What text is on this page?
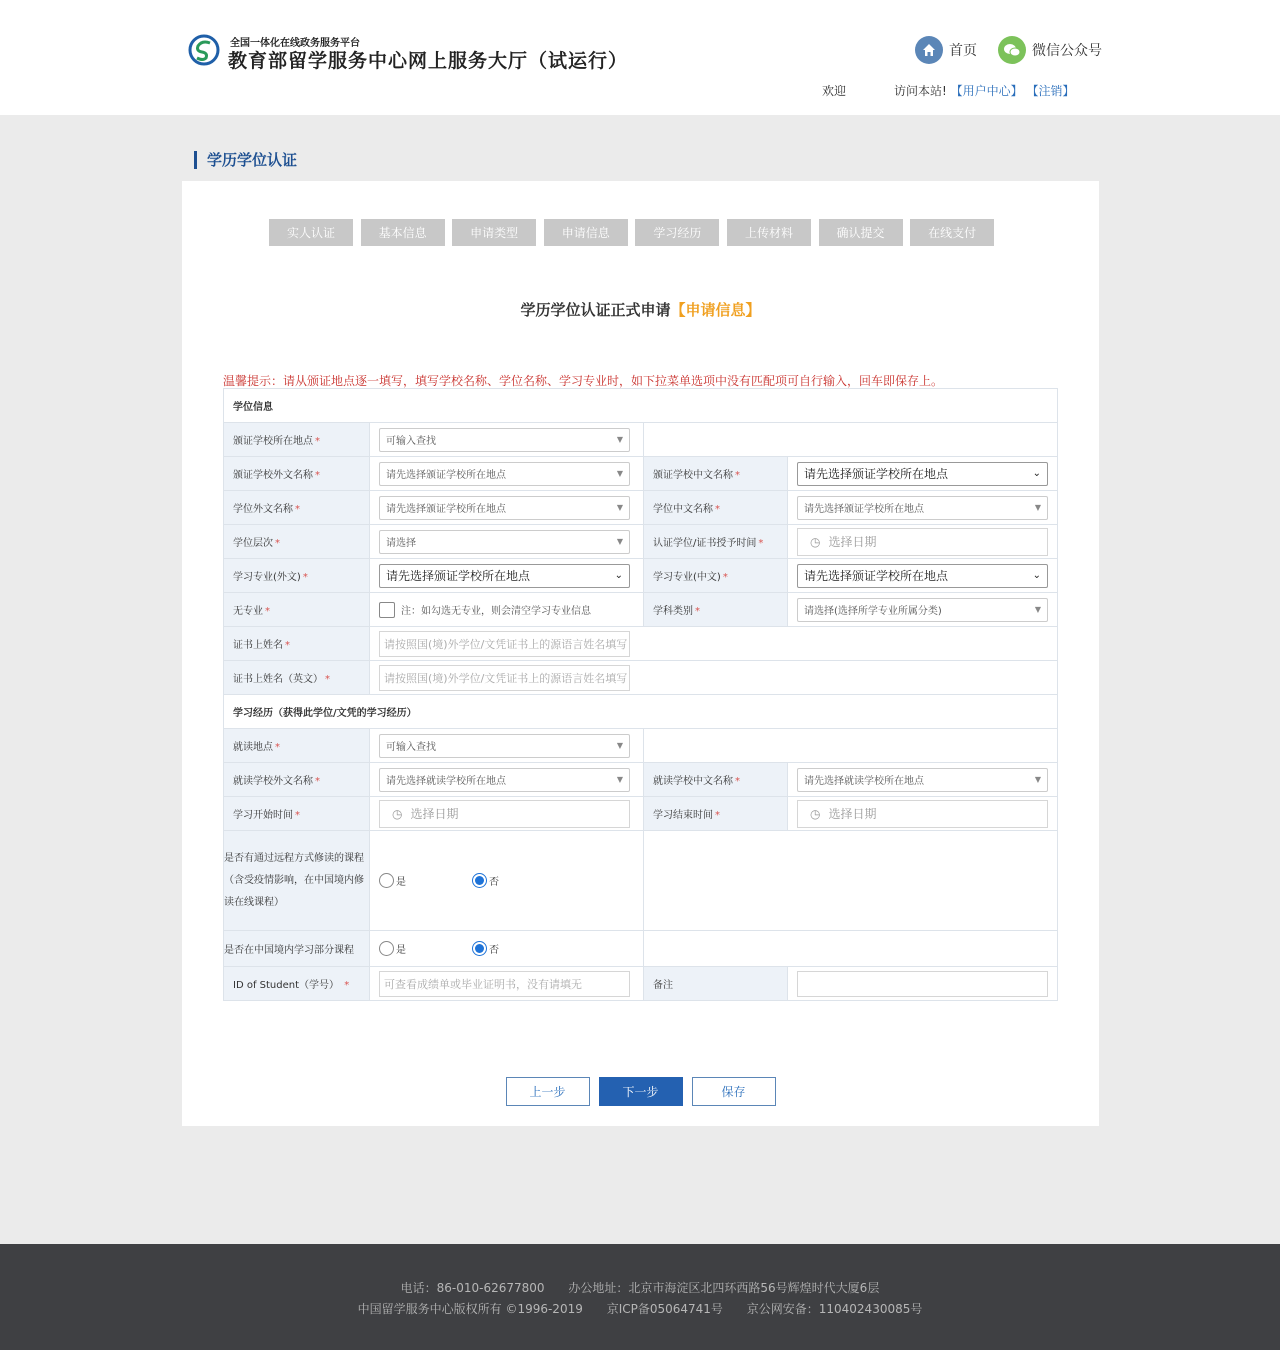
全国一体化在线政务服务平台
教育部留学服务中心网上服务大厅（试运行）	首页	微信公众号
欢迎	访问本站! 【用户中心】 【注销】
学历学位认证
实人认证	基本信息	申请类型	申请信息	学习经历	上传材料	确认提交	在线支付
学历学位认证正式申请【申请信息】
温馨提示：请从颁证地点逐一填写，填写学校名称、学位名称、学习专业时，如下拉菜单选项中没有匹配项可自行输入，回车即保存上。
学位信息			
颁证学校所在地点 *	可输入查找 ▼		

颁证学校外文名称 *	请先选择颁证学校所在地点 ▼	颁证学校中文名称 *	请先选择颁证学校所在地点 ⌄

学位外文名称 *	请先选择颁证学校所在地点 ▼	学位中文名称 *	请先选择颁证学校所在地点 ▼

学位层次 *	请选择 ▼	认证学位/证书授予时间 *	◷ 选择日期

学习专业(外文) *	请先选择颁证学校所在地点 ⌄	学习专业(中文) *	请先选择颁证学校所在地点 ⌄

无专业 *	注：如勾选无专业，则会清空学习专业信息	学科类别 *	请选择(选择所学专业所属分类) ▼

证书上姓名 *	请按照国(境)外学位/文凭证书上的源语言姓名填写		

证书上姓名（英文） *	请按照国(境)外学位/文凭证书上的源语言姓名填写		

学习经历（获得此学位/文凭的学习经历）			
就读地点 *	可输入查找 ▼		

就读学校外文名称 *	请先选择就读学校所在地点 ▼	就读学校中文名称 *	请先选择就读学校所在地点 ▼

学习开始时间 *	◷ 选择日期	学习结束时间 *	◷ 选择日期

是否有通过远程方式修读的课程（含受疫情影响，在中国境内修读在线课程）	是 否		

是否在中国境内学习部分课程	是 否		

ID of Student（学号） *	可查看成绩单或毕业证明书，没有请填无	备注	
上一步	下一步	保存
电话：86-010-62677800 办公地址：北京市海淀区北四环西路56号辉煌时代大厦6层
中国留学服务中心版权所有 ©1996-2019 京ICP备05064741号 京公网安备：110402430085号
